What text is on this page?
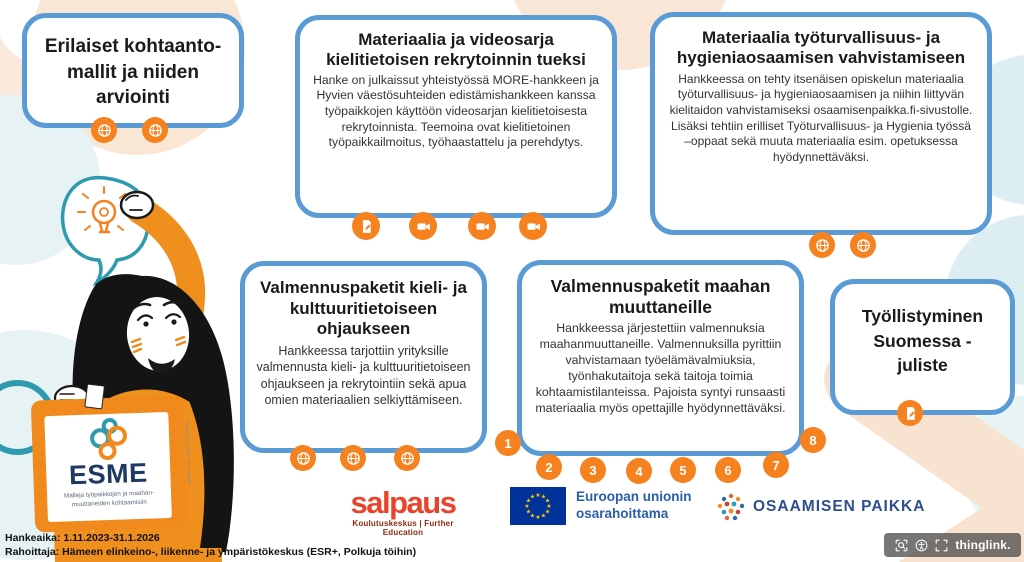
ESME
Malleja työpaikkojen ja maahan- muuttaneiden kohtaamisiin
Image by user on Freepik
Erilaiset kohtaanto-mallit ja niiden arviointi
Materiaalia ja videosarja kielitietoisen rekrytoinnin tueksi

Hanke on julkaissut yhteistyössä MORE-hankkeen ja Hyvien väestösuhteiden edistämishankkeen kanssa työpaikkojen käyttöön videosarjan kielitietoisesta rekrytoinnista. Teemoina ovat kielitietoinen työpaikkailmoitus, työhaastattelu ja perehdytys.

Materiaalia työturvallisuus- ja hygieniaosaamisen vahvistamiseen

Hankkeessa on tehty itsenäisen opiskelun materiaalia työturvallisuus- ja hygieniaosaamisen ja niihin liittyvän kielitaidon vahvistamiseksi osaamisenpaikka.fi-sivustolle. Lisäksi tehtiin erilliset Työturvallisuus- ja Hygienia työssä –oppaat sekä muuta materiaalia esim. opetuksessa hyödynnettäväksi.

Valmennuspaketit kieli- ja kulttuuritietoiseen ohjaukseen

Hankkeessa tarjottiin yrityksille valmennusta kieli- ja kulttuuritietoiseen ohjaukseen ja rekrytointiin sekä apua omien materiaalien selkiyttämiseen.

Valmennuspaketit maahan muuttaneille

Hankkeessa järjestettiin valmennuksia maahanmuuttaneille. Valmennuksilla pyrittiin vahvistamaan työelämävalmiuksia, työnhakutaitoja sekä taitoja toimia kohtaamistilanteissa. Pajoista syntyi runsaasti materiaalia myös opettajille hyödynnettäväksi.

Työllistyminen Suomessa -juliste
1
2	3	4	5	6	7
8
salpaus
Koulutuskeskus | Further Education
★ ★
★
★
★
★
★
★
★
★
★
★	Euroopan unionin
osarahoittama	OSAAMISEN PAIKKA
Hankeaika: 1.11.2023-31.1.2026
Rahoittaja: Hämeen elinkeino-, liikenne- ja ympäristökeskus (ESR+, Polkuja töihin)	thinglink.
